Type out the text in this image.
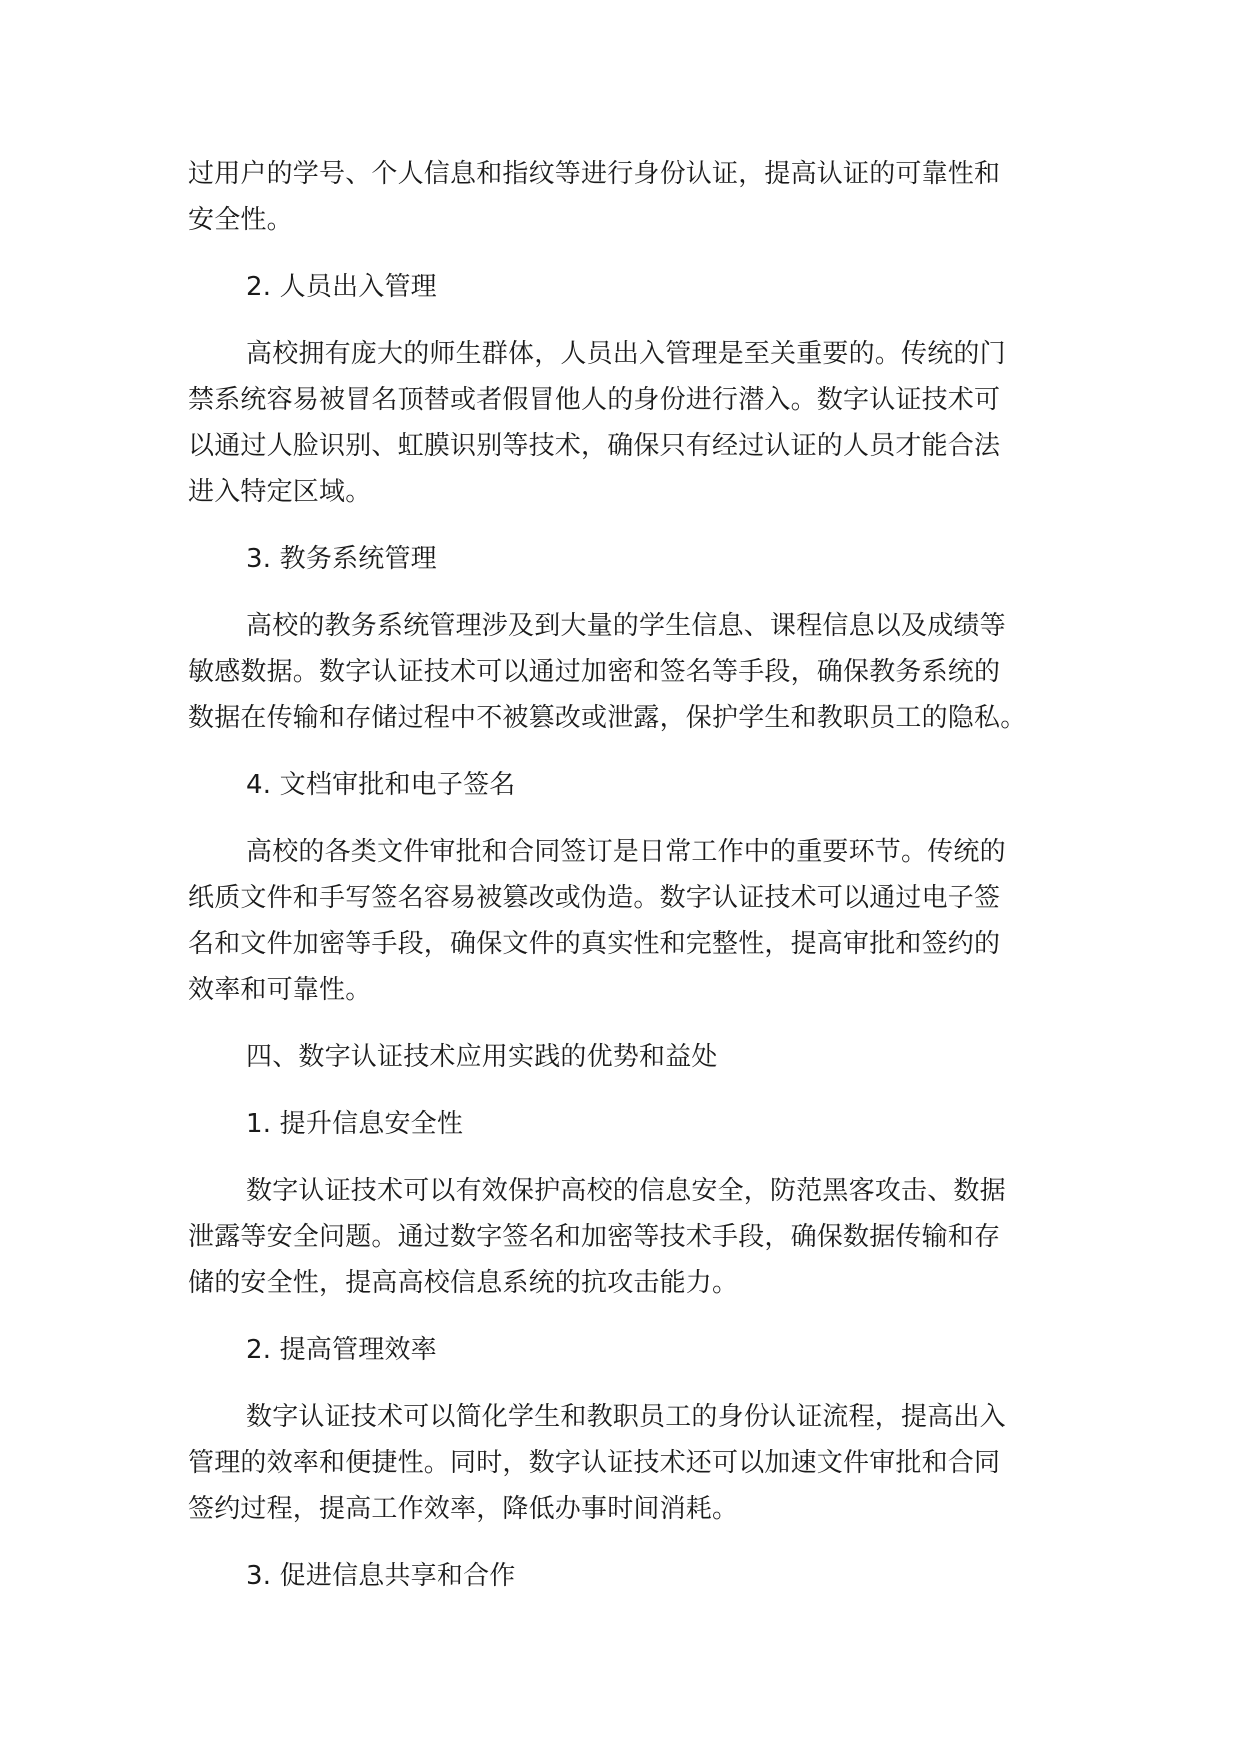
过用户的学号、个人信息和指纹等进行身份认证，提高认证的可靠性和
安全性。
2. 人员出入管理
高校拥有庞大的师生群体，人员出入管理是至关重要的。传统的门
禁系统容易被冒名顶替或者假冒他人的身份进行潜入。数字认证技术可
以通过人脸识别、虹膜识别等技术，确保只有经过认证的人员才能合法
进入特定区域。
3. 教务系统管理
高校的教务系统管理涉及到大量的学生信息、课程信息以及成绩等
敏感数据。数字认证技术可以通过加密和签名等手段，确保教务系统的
数据在传输和存储过程中不被篡改或泄露，保护学生和教职员工的隐私。
4. 文档审批和电子签名
高校的各类文件审批和合同签订是日常工作中的重要环节。传统的
纸质文件和手写签名容易被篡改或伪造。数字认证技术可以通过电子签
名和文件加密等手段，确保文件的真实性和完整性，提高审批和签约的
效率和可靠性。
四、数字认证技术应用实践的优势和益处
1. 提升信息安全性
数字认证技术可以有效保护高校的信息安全，防范黑客攻击、数据
泄露等安全问题。通过数字签名和加密等技术手段，确保数据传输和存
储的安全性，提高高校信息系统的抗攻击能力。
2. 提高管理效率
数字认证技术可以简化学生和教职员工的身份认证流程，提高出入
管理的效率和便捷性。同时，数字认证技术还可以加速文件审批和合同
签约过程，提高工作效率，降低办事时间消耗。
3. 促进信息共享和合作
